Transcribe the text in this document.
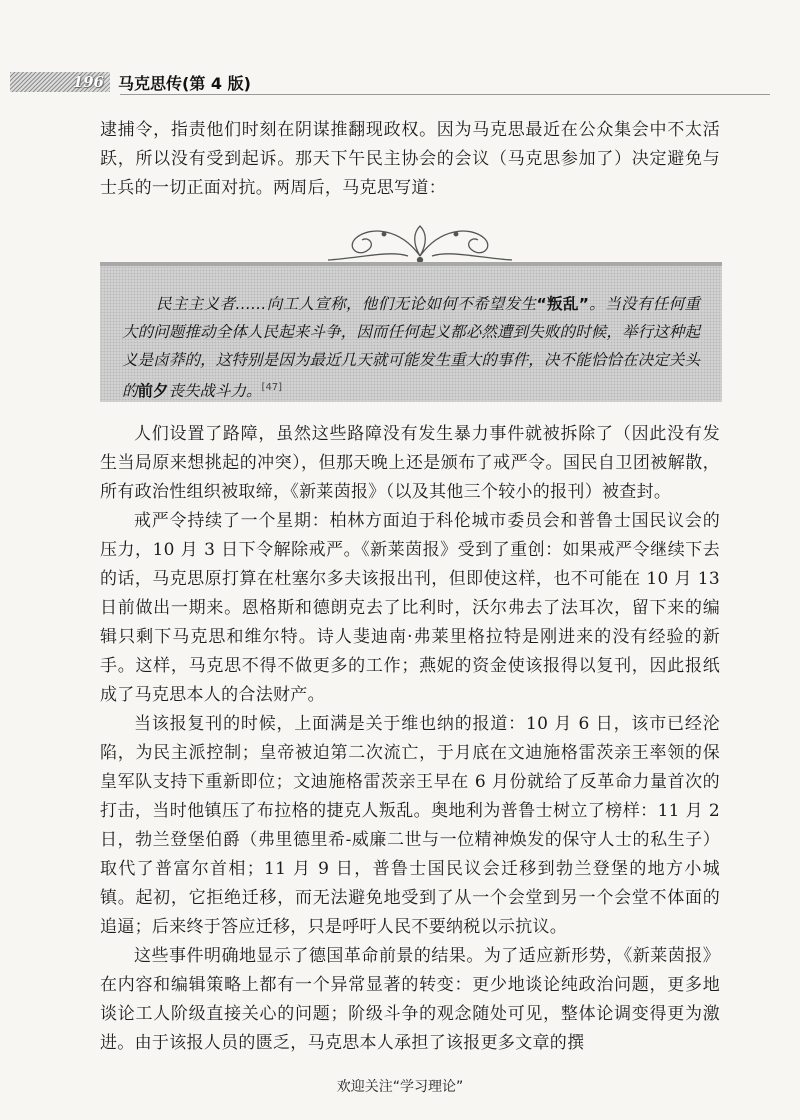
196 马克思传(第 4 版)

逮捕令，指责他们时刻在阴谋推翻现政权。因为马克思最近在公众集会中不太活跃，所以没有受到起诉。那天下午民主协会的会议（马克思参加了）决定避免与士兵的一切正面对抗。两周后，马克思写道：

民主主义者……向工人宣称，他们无论如何不希望发生“叛乱”。当没有任何重大的问题推动全体人民起来斗争，因而任何起义都必然遭到失败的时候，举行这种起义是卤莽的，这特别是因为最近几天就可能发生重大的事件，决不能恰恰在决定关头的前夕丧失战斗力。[47]

人们设置了路障，虽然这些路障没有发生暴力事件就被拆除了（因此没有发生当局原来想挑起的冲突），但那天晚上还是颁布了戒严令。国民自卫团被解散，所有政治性组织被取缔，《新莱茵报》（以及其他三个较小的报刊）被查封。

戒严令持续了一个星期：柏林方面迫于科伦城市委员会和普鲁士国民议会的压力，10 月 3 日下令解除戒严。《新莱茵报》受到了重创：如果戒严令继续下去的话，马克思原打算在杜塞尔多夫该报出刊，但即使这样，也不可能在 10 月 13 日前做出一期来。恩格斯和德朗克去了比利时，沃尔弗去了法耳次，留下来的编辑只剩下马克思和维尔特。诗人斐迪南·弗莱里格拉特是刚进来的没有经验的新手。这样，马克思不得不做更多的工作；燕妮的资金使该报得以复刊，因此报纸成了马克思本人的合法财产。

当该报复刊的时候，上面满是关于维也纳的报道：10 月 6 日，该市已经沦陷，为民主派控制；皇帝被迫第二次流亡，于月底在文迪施格雷茨亲王率领的保皇军队支持下重新即位；文迪施格雷茨亲王早在 6 月份就给了反革命力量首次的打击，当时他镇压了布拉格的捷克人叛乱。奥地利为普鲁士树立了榜样：11 月 2 日，勃兰登堡伯爵（弗里德里希-威廉二世与一位精神焕发的保守人士的私生子）取代了普富尔首相；11 月 9 日，普鲁士国民议会迁移到勃兰登堡的地方小城镇。起初，它拒绝迁移，而无法避免地受到了从一个会堂到另一个会堂不体面的追逼；后来终于答应迁移，只是呼吁人民不要纳税以示抗议。

这些事件明确地显示了德国革命前景的结果。为了适应新形势，《新莱茵报》在内容和编辑策略上都有一个异常显著的转变：更少地谈论纯政治问题，更多地谈论工人阶级直接关心的问题；阶级斗争的观念随处可见，整体论调变得更为激进。由于该报人员的匮乏，马克思本人承担了该报更多文章的撰

欢迎关注“学习理论”
